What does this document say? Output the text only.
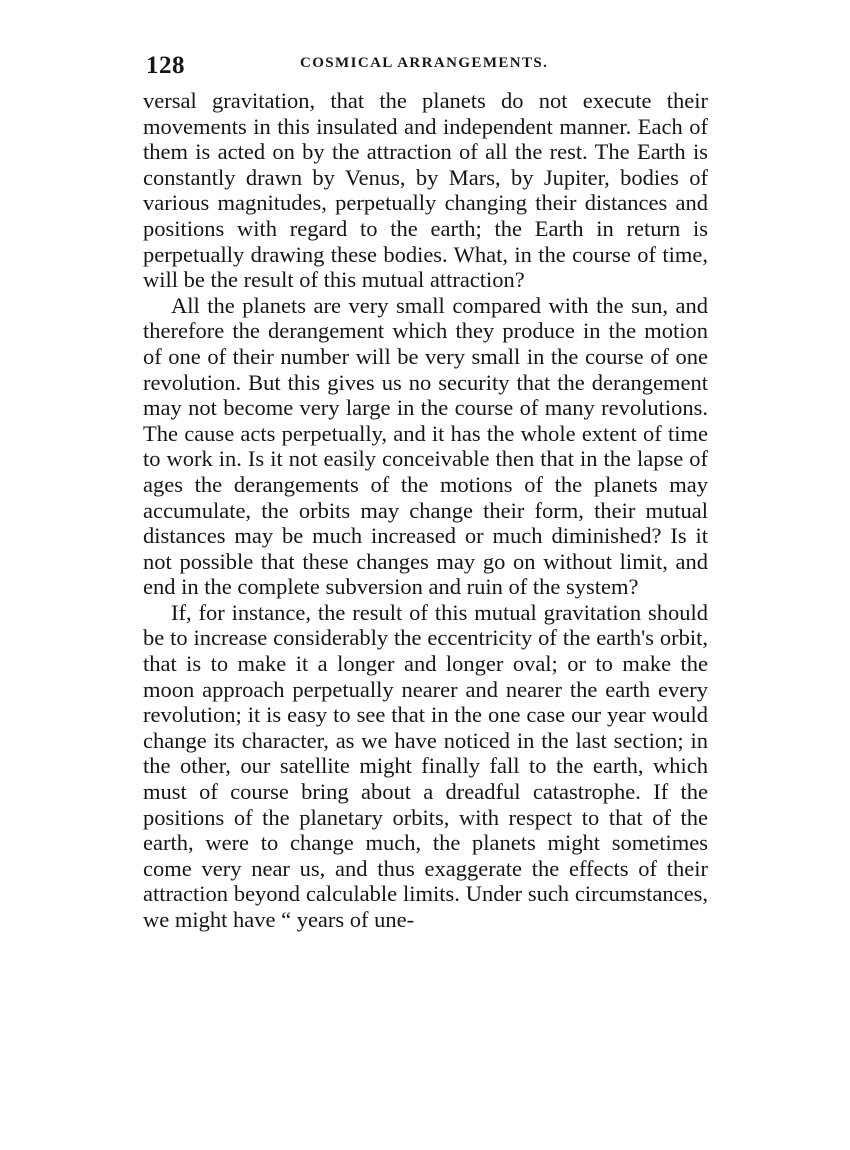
128	COSMICAL ARRANGEMENTS.

versal gravitation, that the planets do not execute their movements in this insulated and independent manner. Each of them is acted on by the attraction of all the rest. The Earth is constantly drawn by Venus, by Mars, by Jupiter, bodies of various magnitudes, perpetually changing their distances and positions with regard to the earth; the Earth in return is perpetually drawing these bodies. What, in the course of time, will be the result of this mutual attraction?

All the planets are very small compared with the sun, and therefore the derangement which they produce in the motion of one of their number will be very small in the course of one revolution. But this gives us no security that the derangement may not become very large in the course of many revolutions. The cause acts perpetually, and it has the whole extent of time to work in. Is it not easily conceivable then that in the lapse of ages the derangements of the motions of the planets may accumulate, the orbits may change their form, their mutual distances may be much increased or much diminished? Is it not possible that these changes may go on without limit, and end in the complete subversion and ruin of the system?

If, for instance, the result of this mutual gravitation should be to increase considerably the eccentricity of the earth's orbit, that is to make it a longer and longer oval; or to make the moon approach perpetually nearer and nearer the earth every revolution; it is easy to see that in the one case our year would change its character, as we have noticed in the last section; in the other, our satellite might finally fall to the earth, which must of course bring about a dreadful catastrophe. If the positions of the planetary orbits, with respect to that of the earth, were to change much, the planets might sometimes come very near us, and thus exaggerate the effects of their attraction beyond calculable limits. Under such circumstances, we might have “ years of une-
